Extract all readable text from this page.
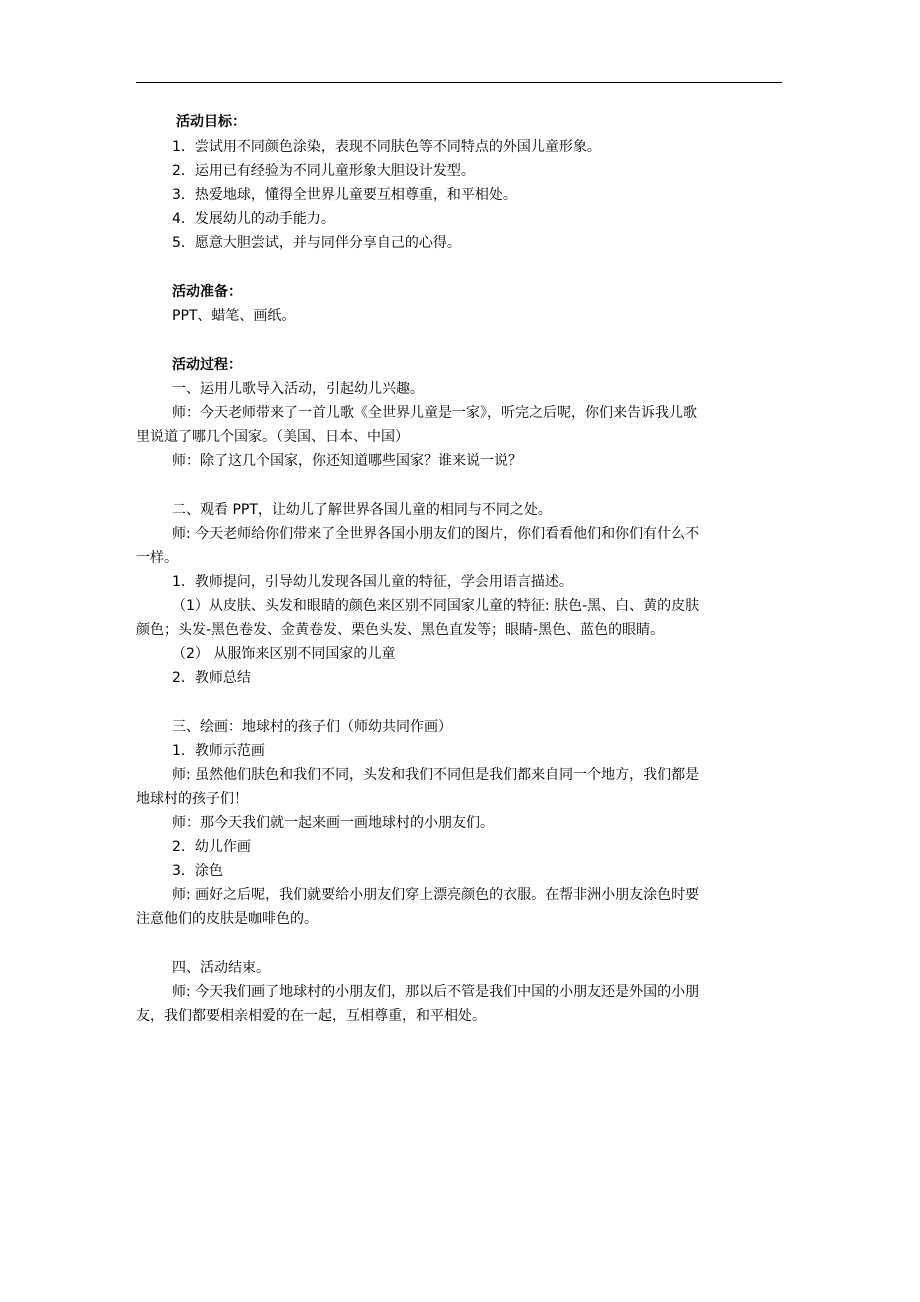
活动目标：
1．尝试用不同颜色涂染，表现不同肤色等不同特点的外国儿童形象。
2．运用已有经验为不同儿童形象大胆设计发型。
3．热爱地球，懂得全世界儿童要互相尊重，和平相处。
4．发展幼儿的动手能力。
5．愿意大胆尝试，并与同伴分享自己的心得。
活动准备：
PPT、蜡笔、画纸。
活动过程：
一、运用儿歌导入活动，引起幼儿兴趣。
师：今天老师带来了一首儿歌《全世界儿童是一家》，听完之后呢，你们来告诉我儿歌
里说道了哪几个国家。（美国、日本、中国）
师：除了这几个国家，你还知道哪些国家？谁来说一说？
二、观看 PPT，让幼儿了解世界各国儿童的相同与不同之处。
师: 今天老师给你们带来了全世界各国小朋友们的图片，你们看看他们和你们有什么不
一样。
1．教师提问，引导幼儿发现各国儿童的特征，学会用语言描述。
（1）从皮肤、头发和眼睛的颜色来区别不同国家儿童的特征: 肤色-黑、白、黄的皮肤
颜色；头发-黑色卷发、金黄卷发、栗色头发、黑色直发等；眼睛-黑色、蓝色的眼睛。
（2） 从服饰来区别不同国家的儿童
2．教师总结
三、绘画：地球村的孩子们（师幼共同作画）
1．教师示范画
师: 虽然他们肤色和我们不同，头发和我们不同但是我们都来自同一个地方，我们都是
地球村的孩子们！
师：那今天我们就一起来画一画地球村的小朋友们。
2．幼儿作画
3．涂色
师: 画好之后呢，我们就要给小朋友们穿上漂亮颜色的衣服。在帮非洲小朋友涂色时要
注意他们的皮肤是咖啡色的。
四、活动结束。
师: 今天我们画了地球村的小朋友们，那以后不管是我们中国的小朋友还是外国的小朋
友，我们都要相亲相爱的在一起，互相尊重，和平相处。
